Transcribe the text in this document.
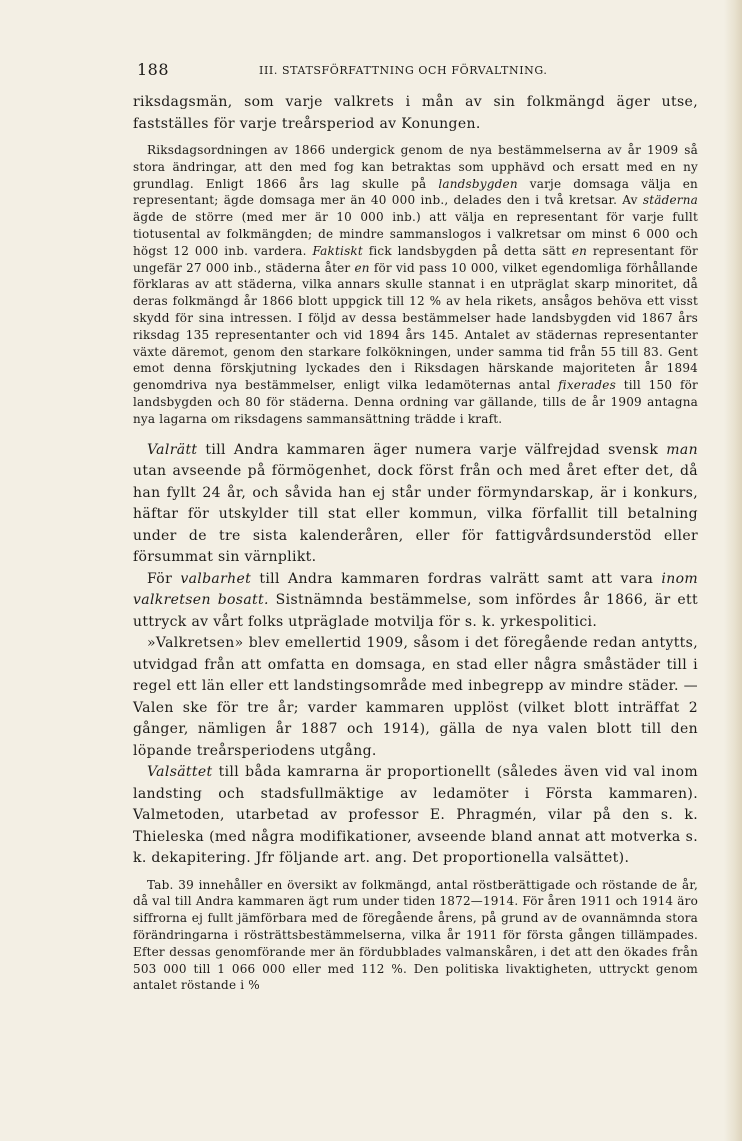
188	III. STATSFÖRFATTNING OCH FÖRVALTNING.

riksdagsmän, som varje valkrets i mån av sin folkmängd äger utse, fastställes för varje treårsperiod av Konungen.

Riksdagsordningen av 1866 undergick genom de nya bestämmelserna av år 1909 så stora ändringar, att den med fog kan betraktas som upphävd och ersatt med en ny grundlag. Enligt 1866 års lag skulle på landsbygden varje domsaga välja en representant; ägde domsaga mer än 40 000 inb., delades den i två kretsar. Av städerna ägde de större (med mer är 10 000 inb.) att välja en representant för varje fullt tiotusental av folkmängden; de mindre sammanslogos i valkretsar om minst 6 000 och högst 12 000 inb. vardera. Faktiskt fick landsbygden på detta sätt en representant för ungefär 27 000 inb., städerna åter en för vid pass 10 000, vilket egendomliga förhållande förklaras av att städerna, vilka annars skulle stannat i en utpräglat skarp minoritet, då deras folkmängd år 1866 blott uppgick till 12 % av hela rikets, ansågos behöva ett visst skydd för sina intressen. I följd av dessa bestämmelser hade landsbygden vid 1867 års riksdag 135 representanter och vid 1894 års 145. Antalet av städernas representanter växte däremot, genom den starkare folkökningen, under samma tid från 55 till 83. Gent emot denna förskjutning lyckades den i Riksdagen härskande majoriteten år 1894 genomdriva nya bestämmelser, enligt vilka ledamöternas antal fixerades till 150 för landsbygden och 80 för städerna. Denna ordning var gällande, tills de år 1909 antagna nya lagarna om riksdagens sammansättning trädde i kraft.

Valrätt till Andra kammaren äger numera varje välfrejdad svensk man utan avseende på förmögenhet, dock först från och med året efter det, då han fyllt 24 år, och såvida han ej står under förmyndarskap, är i konkurs, häftar för utskylder till stat eller kommun, vilka förfallit till betalning under de tre sista kalenderåren, eller för fattigvårdsunderstöd eller försummat sin värnplikt.

För valbarhet till Andra kammaren fordras valrätt samt att vara inom valkretsen bosatt. Sistnämnda bestämmelse, som infördes år 1866, är ett uttryck av vårt folks utpräglade motvilja för s. k. yrkespolitici.

»Valkretsen» blev emellertid 1909, såsom i det föregående redan antytts, utvidgad från att omfatta en domsaga, en stad eller några småstäder till i regel ett län eller ett landstingsområde med inbegrepp av mindre städer. — Valen ske för tre år; varder kammaren upplöst (vilket blott inträffat 2 gånger, nämligen år 1887 och 1914), gälla de nya valen blott till den löpande treårsperiodens utgång.

Valsättet till båda kamrarna är proportionellt (således även vid val inom landsting och stadsfullmäktige av ledamöter i Första kammaren). Valmetoden, utarbetad av professor E. Phragmén, vilar på den s. k. Thieleska (med några modifikationer, avseende bland annat att motverka s. k. dekapitering. Jfr följande art. ang. Det proportionella valsättet).

Tab. 39 innehåller en översikt av folkmängd, antal röstberättigade och röstande de år, då val till Andra kammaren ägt rum under tiden 1872—1914. För åren 1911 och 1914 äro siffrorna ej fullt jämförbara med de föregående årens, på grund av de ovannämnda stora förändringarna i rösträttsbestämmelserna, vilka år 1911 för första gången tillämpades. Efter dessas genomförande mer än fördubblades valmanskåren, i det att den ökades från 503 000 till 1 066 000 eller med 112 %. Den politiska livaktigheten, uttryckt genom antalet röstande i %
